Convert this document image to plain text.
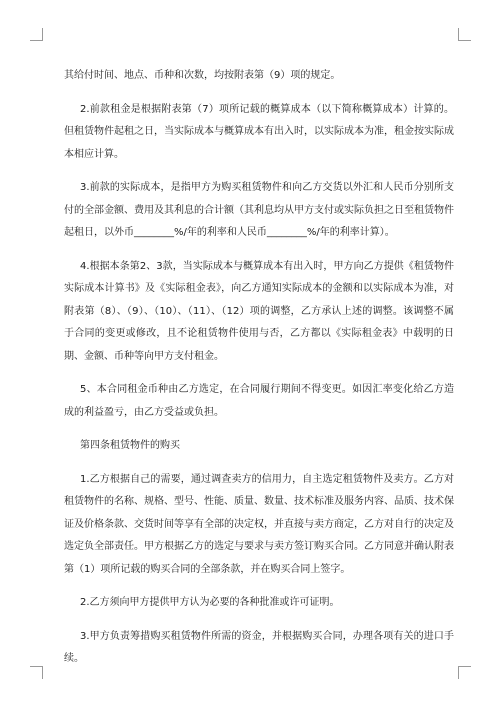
其给付时间、地点、币种和次数，均按附表第（9）项的规定。

2.前款租金是根据附表第（7）项所记载的概算成本（以下简称概算成本）计算的。但租赁物件起租之日，当实际成本与概算成本有出入时，以实际成本为准，租金按实际成本相应计算。

3.前款的实际成本，是指甲方为购买租赁物件和向乙方交货以外汇和人民币分别所支付的全部金额、费用及其利息的合计额（其利息均从甲方支付或实际负担之日至租赁物件起租日，以外币________%/年的利率和人民币________%/年的利率计算）。

4.根据本条第2、3款，当实际成本与概算成本有出入时，甲方向乙方提供《租赁物件实际成本计算书》及《实际租金表》，向乙方通知实际成本的金额和以实际成本为准，对附表第（8）、（9）、（10）、（11）、（12）项的调整，乙方承认上述的调整。该调整不属于合同的变更或修改，且不论租赁物件使用与否，乙方都以《实际租金表》中载明的日期、金额、币种等向甲方支付租金。

5、本合同租金币种由乙方选定，在合同履行期间不得变更。如因汇率变化给乙方造成的利益盈亏，由乙方受益或负担。

第四条租赁物件的购买

1.乙方根据自己的需要，通过调查卖方的信用力，自主选定租赁物件及卖方。乙方对租赁物件的名称、规格、型号、性能、质量、数量、技术标准及服务内容、品质、技术保证及价格条款、交货时间等享有全部的决定权，并直接与卖方商定，乙方对自行的决定及选定负全部责任。甲方根据乙方的选定与要求与卖方签订购买合同。乙方同意并确认附表第（1）项所记载的购买合同的全部条款，并在购买合同上签字。

2.乙方须向甲方提供甲方认为必要的各种批准或许可证明。

3.甲方负责筹措购买租赁物件所需的资金，并根据购买合同，办理各项有关的进口手续。
